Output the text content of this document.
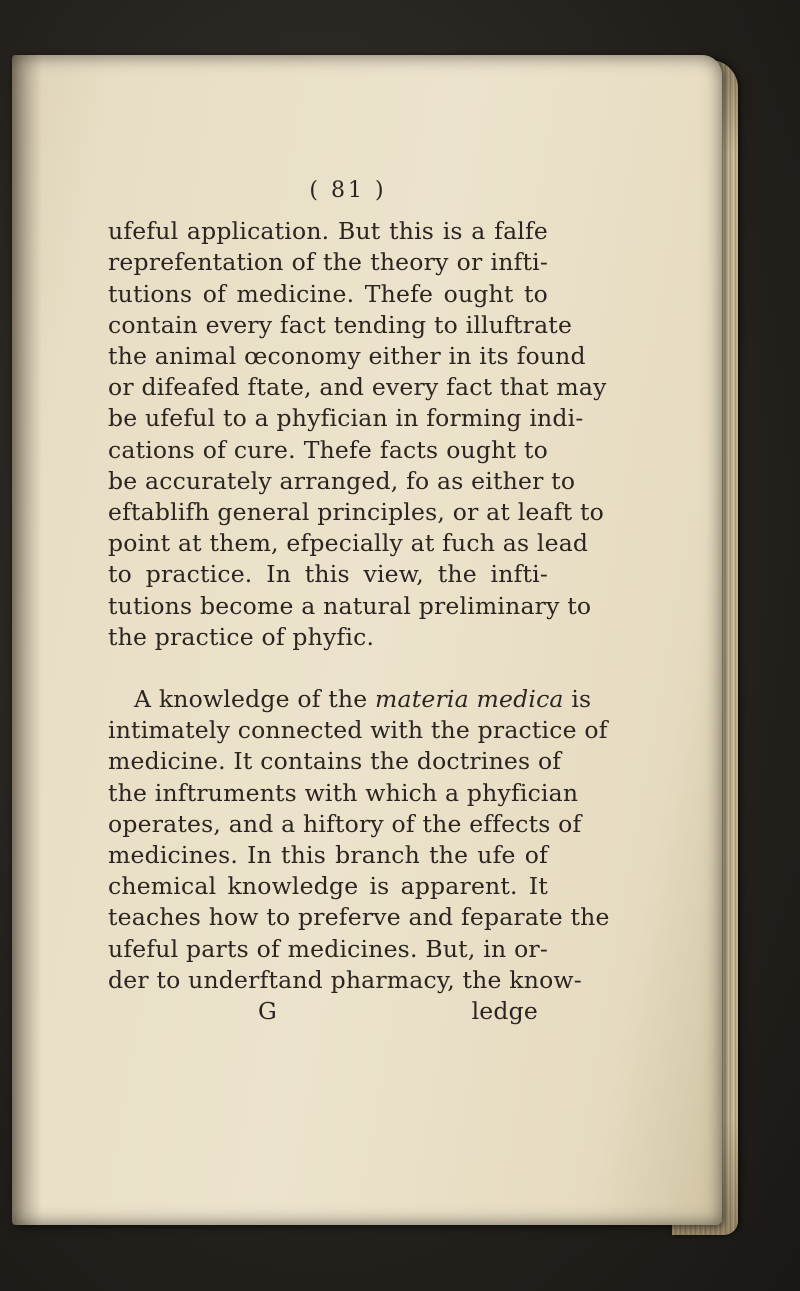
( 81 )
ufeful application. But this is a falfe
reprefentation of the theory or infti-
tutions of medicine. Thefe ought to
contain every fact tending to illuftrate
the animal œconomy either in its found
or difeafed ftate, and every fact that may
be ufeful to a phyfician in forming indi-
cations of cure. Thefe facts ought to
be accurately arranged, fo as either to
eftablifh general principles, or at leaft to
point at them, efpecially at fuch as lead
to practice. In this view, the infti-
tutions become a natural preliminary to
the practice of phyfic.
A knowledge of the materia medica is
intimately connected with the practice of
medicine. It contains the doctrines of
the inftruments with which a phyfician
operates, and a hiftory of the effects of
medicines. In this branch the ufe of
chemical knowledge is apparent. It
teaches how to preferve and feparate the
ufeful parts of medicines. But, in or-
der to underftand pharmacy, the know-
G	ledge
